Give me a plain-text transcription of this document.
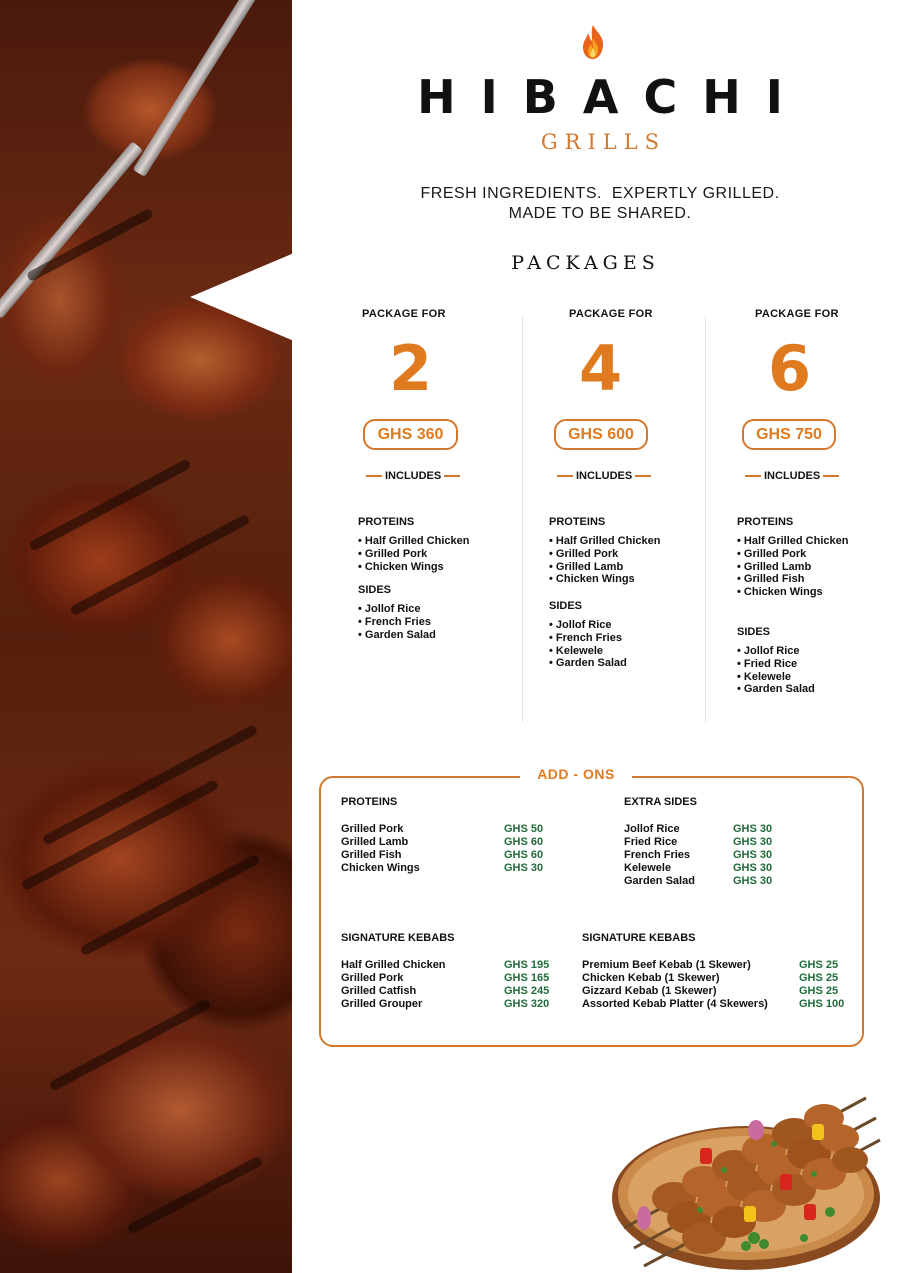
HIBACHI
GRILLS
FRESH INGREDIENTS.  EXPERTLY GRILLED.
MADE TO BE SHARED.
PACKAGES
PACKAGE FOR
2
GHS 360
INCLUDES
PROTEINS
• Half Grilled Chicken
• Grilled Pork
• Chicken Wings
SIDES
• Jollof Rice
• French Fries
• Garden Salad
PACKAGE FOR
4
GHS 600
INCLUDES
PROTEINS
• Half Grilled Chicken
• Grilled Pork
• Grilled Lamb
• Chicken Wings
SIDES
• Jollof Rice
• French Fries
• Kelewele
• Garden Salad
PACKAGE FOR
6
GHS 750
INCLUDES
PROTEINS
• Half Grilled Chicken
• Grilled Pork
• Grilled Lamb
• Grilled Fish
• Chicken Wings
SIDES
• Jollof Rice
• Fried Rice
• Kelewele
• Garden Salad
ADD - ONS
PROTEINS
Grilled Pork	GHS 50
Grilled Lamb	GHS 60
Grilled Fish	GHS 60
Chicken Wings	GHS 30
EXTRA SIDES
Jollof Rice	GHS 30
Fried Rice	GHS 30
French Fries	GHS 30
Kelewele	GHS 30
Garden Salad	GHS 30
SIGNATURE KEBABS
Half Grilled Chicken	GHS 195
Grilled Pork	GHS 165
Grilled Catfish	GHS 245
Grilled Grouper	GHS 320
SIGNATURE KEBABS
Premium Beef Kebab (1 Skewer)	GHS 25
Chicken Kebab (1 Skewer)	GHS 25
Gizzard Kebab (1 Skewer)	GHS 25
Assorted Kebab Platter (4 Skewers)	GHS 100
